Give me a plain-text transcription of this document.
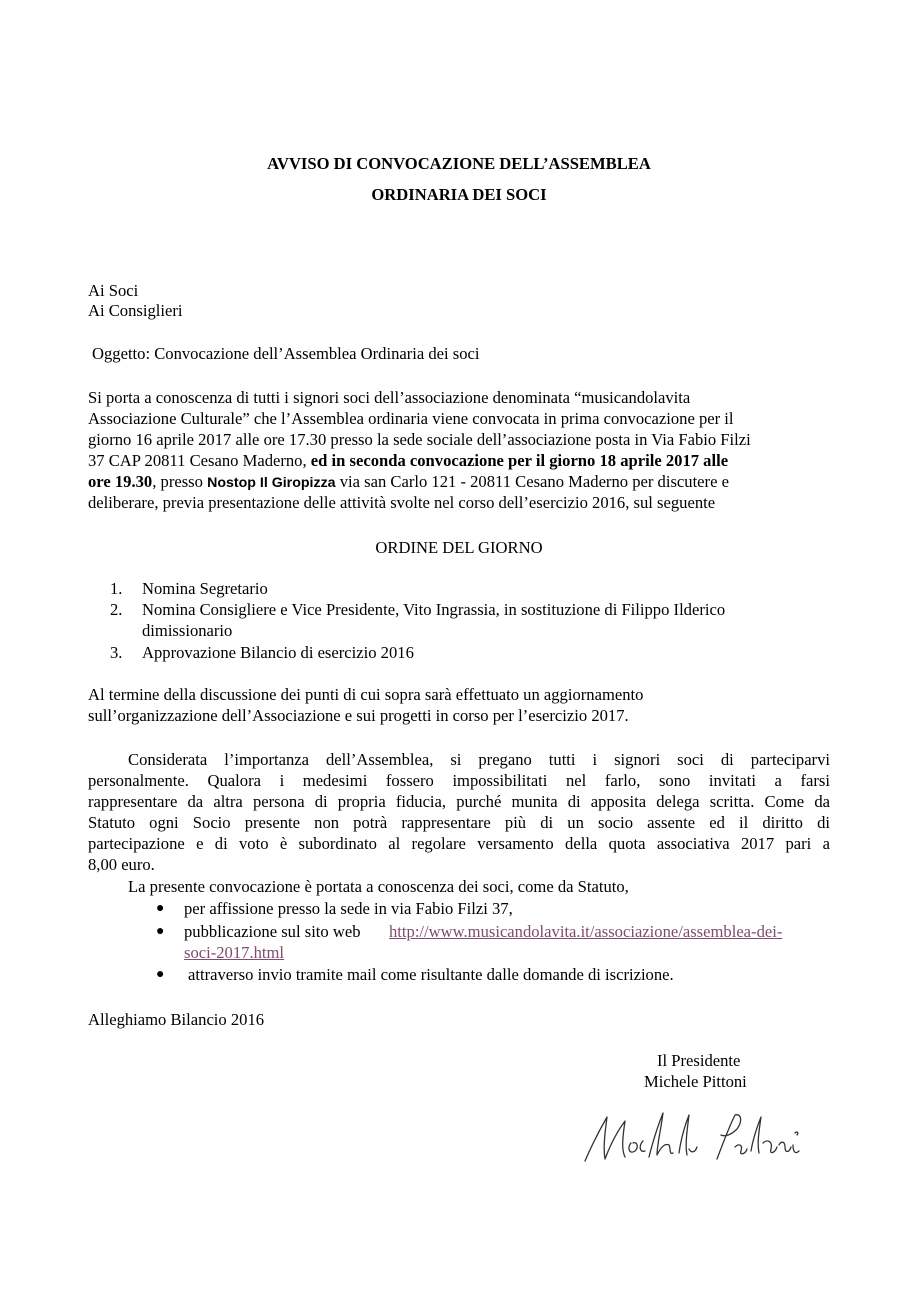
AVVISO DI CONVOCAZIONE DELL’ASSEMBLEA
ORDINARIA DEI SOCI
Ai Soci
Ai Consiglieri
Oggetto: Convocazione dell’Assemblea Ordinaria dei soci
Si porta a conoscenza di tutti i signori soci dell’associazione denominata “musicandolavita
Associazione Culturale” che l’Assemblea ordinaria viene convocata in prima convocazione per il
giorno 16 aprile 2017 alle ore 17.30 presso la sede sociale dell’associazione posta in Via Fabio Filzi
37 CAP 20811 Cesano Maderno, ed in seconda convocazione per il giorno 18 aprile 2017 alle
ore 19.30, presso Nostop Il Giropizza via san Carlo 121 - 20811 Cesano Maderno per discutere e
deliberare, previa presentazione delle attività svolte nel corso dell’esercizio 2016, sul seguente
ORDINE DEL GIORNO
1. Nomina Segretario
2. Nomina Consigliere e Vice Presidente, Vito Ingrassia, in sostituzione di Filippo Ilderico
dimissionario
3. Approvazione Bilancio di esercizio 2016
Al termine della discussione dei punti di cui sopra sarà effettuato un aggiornamento
sull’organizzazione dell’Associazione e sui progetti in corso per l’esercizio 2017.
Considerata l’importanza dell’Assemblea, si pregano tutti i signori soci di parteciparvi
personalmente. Qualora i medesimi fossero impossibilitati nel farlo, sono invitati a farsi
rappresentare da altra persona di propria fiducia, purché munita di apposita delega scritta. Come da
Statuto ogni Socio presente non potrà rappresentare più di un socio assente ed il diritto di
partecipazione e di voto è subordinato al regolare versamento della quota associativa 2017 pari a
8,00 euro.
La presente convocazione è portata a conoscenza dei soci, come da Statuto,
● per affissione presso la sede in via Fabio Filzi 37,
● pubblicazione sul sito web http://www.musicandolavita.it/associazione/assemblea-dei-
soci-2017.html
● attraverso invio tramite mail come risultante dalle domande di iscrizione.
Alleghiamo Bilancio 2016
Il Presidente
Michele Pittoni
